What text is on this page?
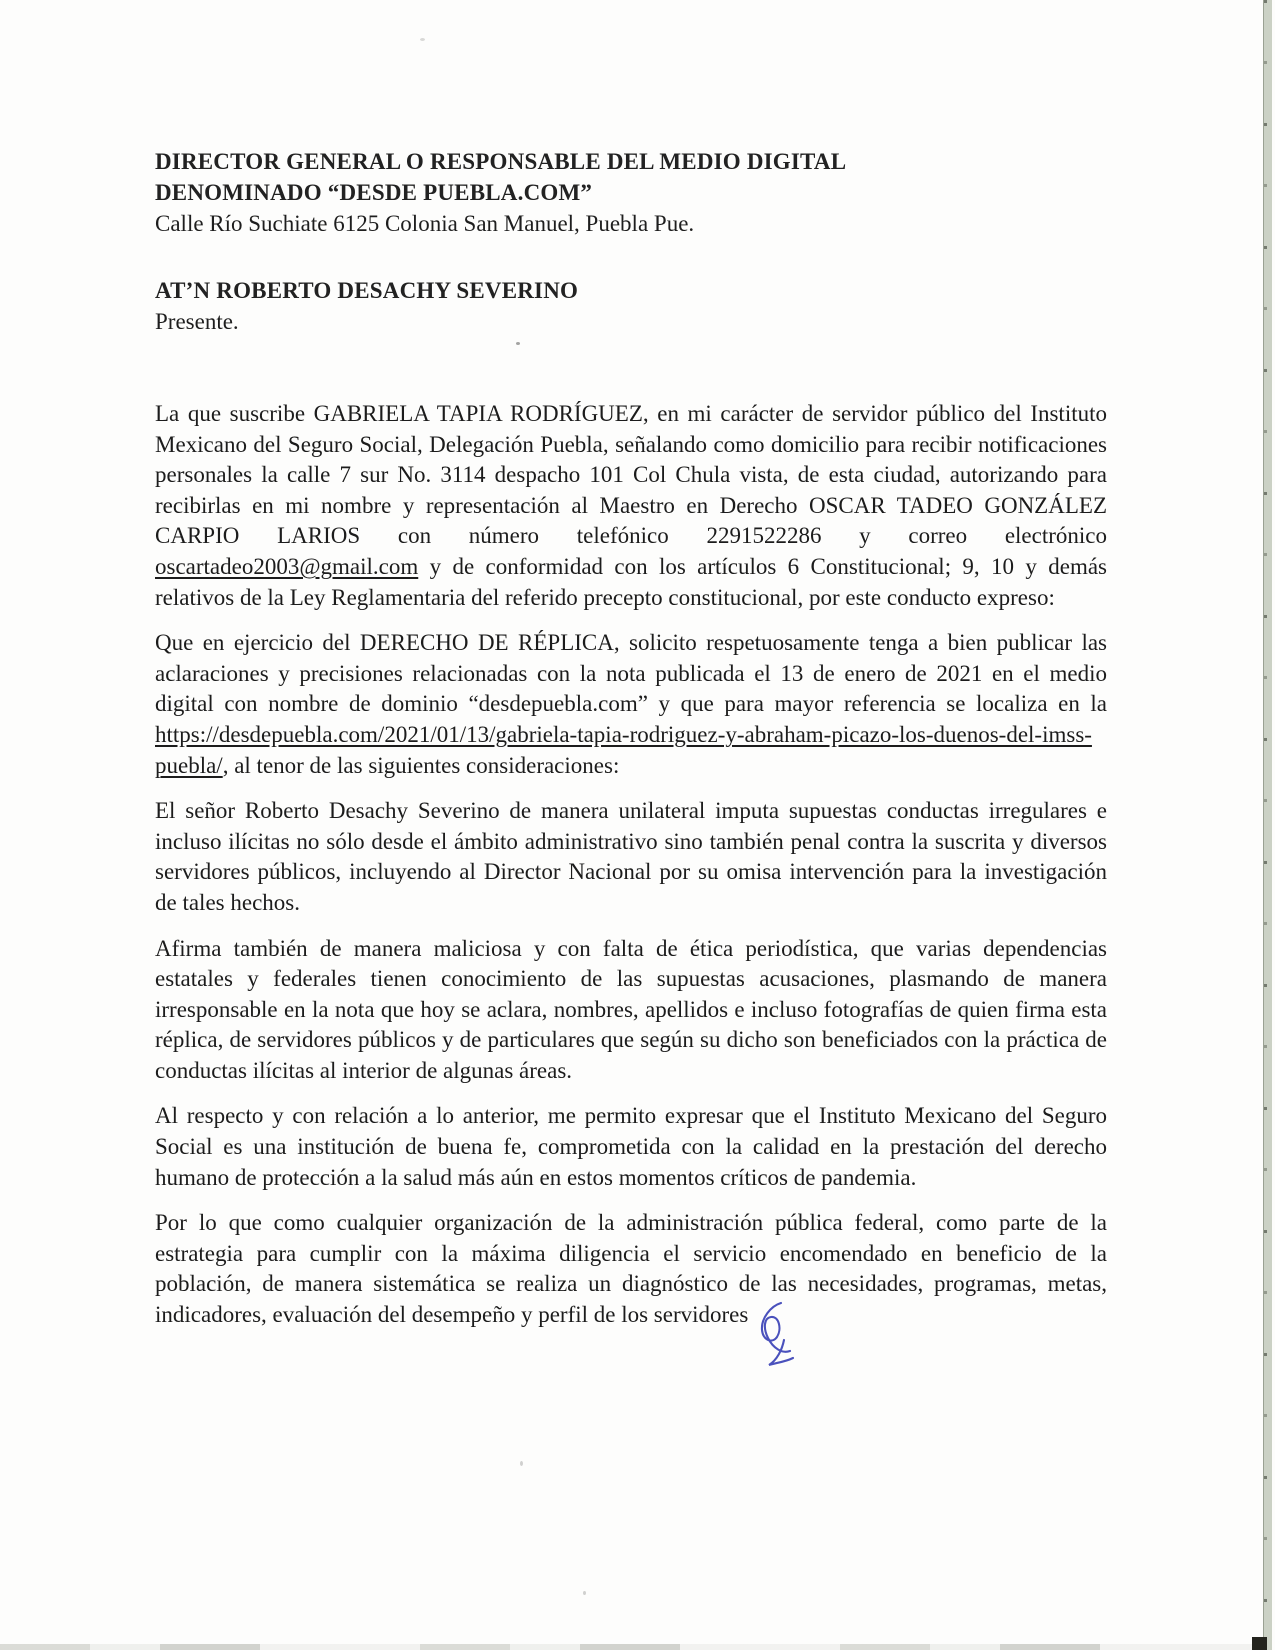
DIRECTOR GENERAL O RESPONSABLE DEL MEDIO DIGITAL

DENOMINADO “DESDE PUEBLA.COM”

Calle Río Suchiate 6125 Colonia San Manuel, Puebla Pue.

AT’N ROBERTO DESACHY SEVERINO

Presente.

La que suscribe GABRIELA TAPIA RODRÍGUEZ, en mi carácter de servidor público del Instituto Mexicano del Seguro Social, Delegación Puebla, señalando como domicilio para recibir notificaciones personales la calle 7 sur No. 3114 despacho 101 Col Chula vista, de esta ciudad, autorizando para recibirlas en mi nombre y representación al Maestro en Derecho OSCAR TADEO GONZÁLEZ CARPIO LARIOS con número telefónico 2291522286 y correo electrónico oscartadeo2003@gmail.com y de conformidad con los artículos 6 Constitucional; 9, 10 y demás relativos de la Ley Reglamentaria del referido precepto constitucional, por este conducto expreso:

Que en ejercicio del DERECHO DE RÉPLICA, solicito respetuosamente tenga a bien publicar las aclaraciones y precisiones relacionadas con la nota publicada el 13 de enero de 2021 en el medio digital con nombre de dominio “desdepuebla.com” y que para mayor referencia se localiza en la https://desdepuebla.com/2021/01/13/gabriela-tapia-rodriguez-y-abraham-picazo-los-duenos-del-imss-puebla/, al tenor de las siguientes consideraciones:

El señor Roberto Desachy Severino de manera unilateral imputa supuestas conductas irregulares e incluso ilícitas no sólo desde el ámbito administrativo sino también penal contra la suscrita y diversos servidores públicos, incluyendo al Director Nacional por su omisa intervención para la investigación de tales hechos.

Afirma también de manera maliciosa y con falta de ética periodística, que varias dependencias estatales y federales tienen conocimiento de las supuestas acusaciones, plasmando de manera irresponsable en la nota que hoy se aclara, nombres, apellidos e incluso fotografías de quien firma esta réplica, de servidores públicos y de particulares que según su dicho son beneficiados con la práctica de conductas ilícitas al interior de algunas áreas.

Al respecto y con relación a lo anterior, me permito expresar que el Instituto Mexicano del Seguro Social es una institución de buena fe, comprometida con la calidad en la prestación del derecho humano de protección a la salud más aún en estos momentos críticos de pandemia.

Por lo que como cualquier organización de la administración pública federal, como parte de la estrategia para cumplir con la máxima diligencia el servicio encomendado en beneficio de la población, de manera sistemática se realiza un diagnóstico de las necesidades, programas, metas, indicadores, evaluación del desempeño y perfil de los servidores
